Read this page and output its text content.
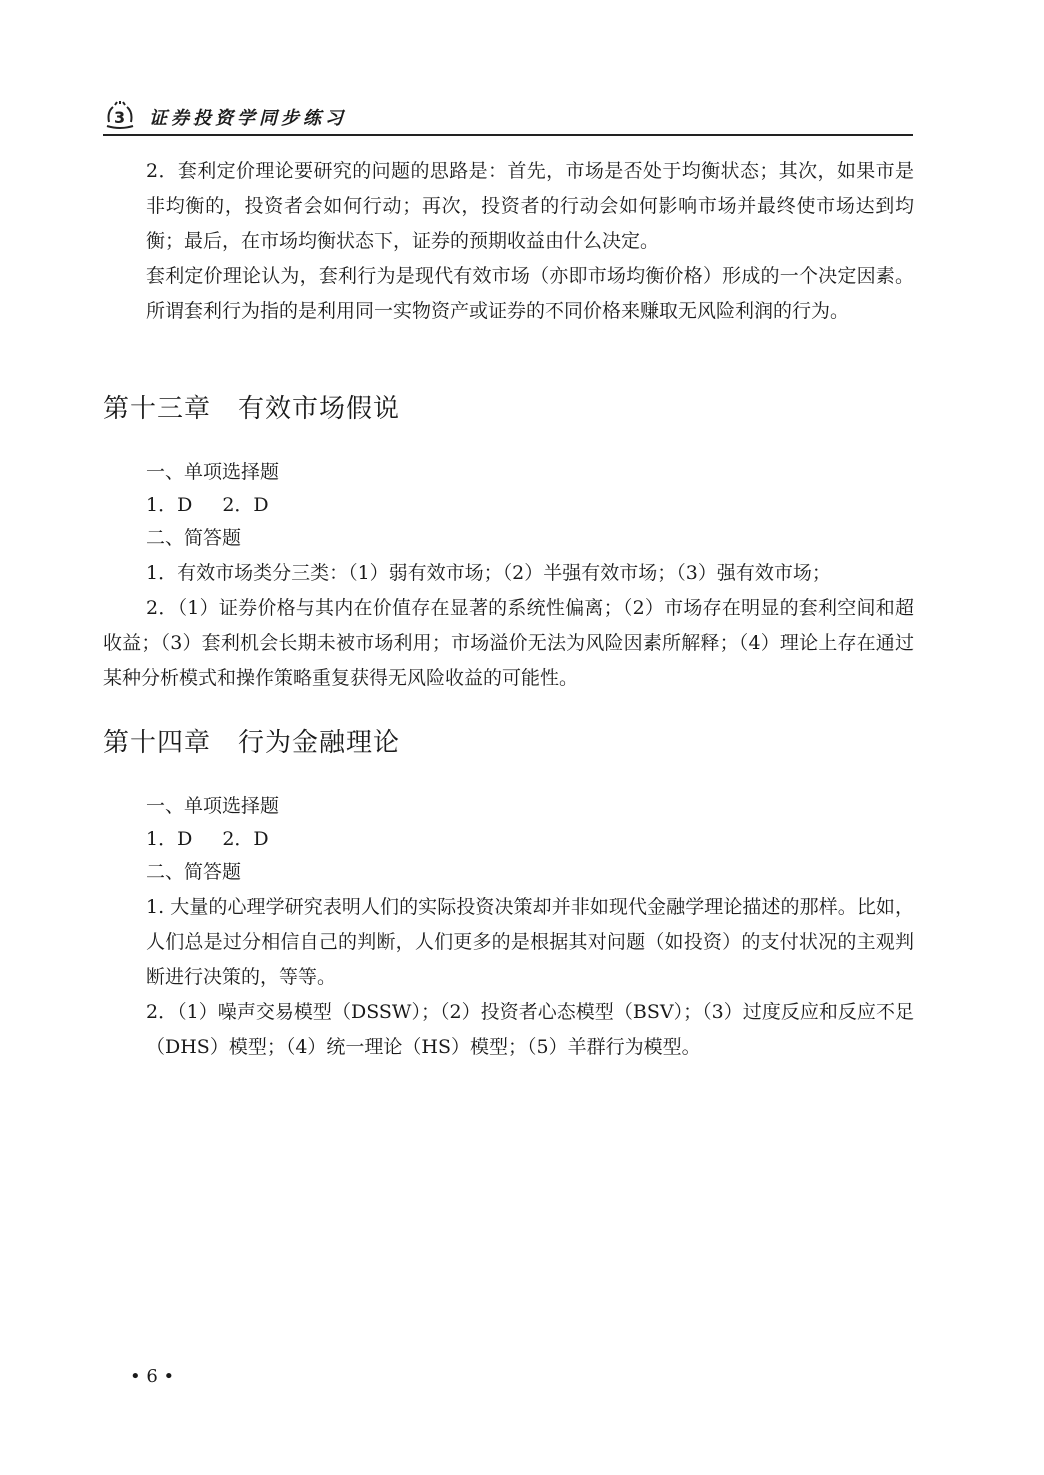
3 证券投资学同步练习

2．套利定价理论要研究的问题的思路是：首先，市场是否处于均衡状态；其次，如果市是非均衡的，投资者会如何行动；再次，投资者的行动会如何影响市场并最终使市场达到均衡；最后，在市场均衡状态下，证券的预期收益由什么决定。

套利定价理论认为，套利行为是现代有效市场（亦即市场均衡价格）形成的一个决定因素。所谓套利行为指的是利用同一实物资产或证券的不同价格来赚取无风险利润的行为。

第十三章　有效市场假说

一、单项选择题

1．D 2．D

二、简答题

1．有效市场类分三类：（1）弱有效市场；（2）半强有效市场；（3）强有效市场；

2．（1）证券价格与其内在价值存在显著的系统性偏离；（2）市场存在明显的套利空间和超收益；（3）套利机会长期未被市场利用；市场溢价无法为风险因素所解释；（4）理论上存在通过某种分析模式和操作策略重复获得无风险收益的可能性。

第十四章　行为金融理论

一、单项选择题

1．D 2．D

二、简答题

1. 大量的心理学研究表明人们的实际投资决策却并非如现代金融学理论描述的那样。比如，人们总是过分相信自己的判断，人们更多的是根据其对问题（如投资）的支付状况的主观判断进行决策的，等等。

2．（1）噪声交易模型（DSSW）；（2）投资者心态模型（BSV）；（3）过度反应和反应不足（DHS）模型；（4）统一理论（HS）模型；（5）羊群行为模型。

• 6 •
